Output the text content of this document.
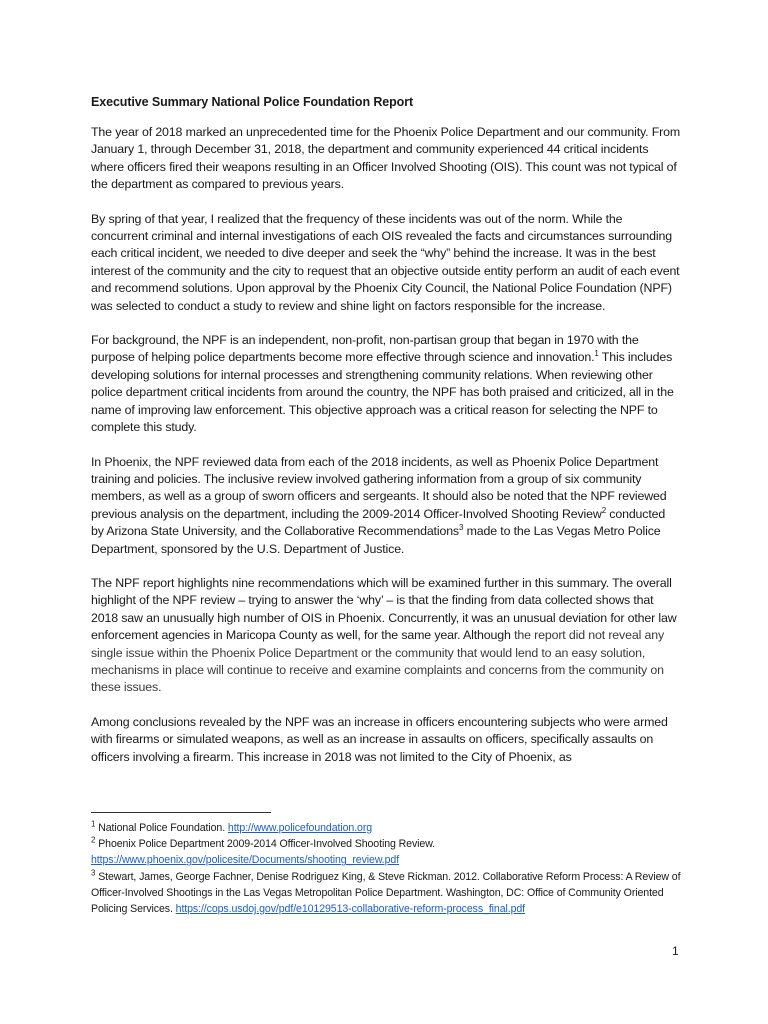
Executive Summary National Police Foundation Report

The year of 2018 marked an unprecedented time for the Phoenix Police Department and our community. From January 1, through December 31, 2018, the department and community experienced 44 critical incidents where officers fired their weapons resulting in an Officer Involved Shooting (OIS). This count was not typical of the department as compared to previous years.

By spring of that year, I realized that the frequency of these incidents was out of the norm. While the concurrent criminal and internal investigations of each OIS revealed the facts and circumstances surrounding each critical incident, we needed to dive deeper and seek the “why” behind the increase. It was in the best interest of the community and the city to request that an objective outside entity perform an audit of each event and recommend solutions. Upon approval by the Phoenix City Council, the National Police Foundation (NPF) was selected to conduct a study to review and shine light on factors responsible for the increase.

For background, the NPF is an independent, non-profit, non-partisan group that began in 1970 with the purpose of helping police departments become more effective through science and innovation.$^1$ This includes developing solutions for internal processes and strengthening community relations. When reviewing other police department critical incidents from around the country, the NPF has both praised and criticized, all in the name of improving law enforcement. This objective approach was a critical reason for selecting the NPF to complete this study.

In Phoenix, the NPF reviewed data from each of the 2018 incidents, as well as Phoenix Police Department training and policies. The inclusive review involved gathering information from a group of six community members, as well as a group of sworn officers and sergeants. It should also be noted that the NPF reviewed previous analysis on the department, including the 2009-2014 Officer-Involved Shooting Review$^2$ conducted by Arizona State University, and the Collaborative Recommendations$^3$ made to the Las Vegas Metro Police Department, sponsored by the U.S. Department of Justice.

The NPF report highlights nine recommendations which will be examined further in this summary. The overall highlight of the NPF review – trying to answer the ‘why’ – is that the finding from data collected shows that 2018 saw an unusually high number of OIS in Phoenix. Concurrently, it was an unusual deviation for other law enforcement agencies in Maricopa County as well, for the same year. Although the report did not reveal any single issue within the Phoenix Police Department or the community that would lend to an easy solution, mechanisms in place will continue to receive and examine complaints and concerns from the community on these issues.

Among conclusions revealed by the NPF was an increase in officers encountering subjects who were armed with firearms or simulated weapons, as well as an increase in assaults on officers, specifically assaults on officers involving a firearm. This increase in 2018 was not limited to the City of Phoenix, as

$^1$ National Police Foundation. http://www.policefoundation.org

$^2$ Phoenix Police Department 2009-2014 Officer-Involved Shooting Review.
https://www.phoenix.gov/policesite/Documents/shooting_review.pdf

$^3$ Stewart, James, George Fachner, Denise Rodriguez King, & Steve Rickman. 2012. Collaborative Reform Process: A Review of Officer-Involved Shootings in the Las Vegas Metropolitan Police Department. Washington, DC: Office of Community Oriented Policing Services. https://cops.usdoj.gov/pdf/e10129513-collaborative-reform-process_final.pdf

1
